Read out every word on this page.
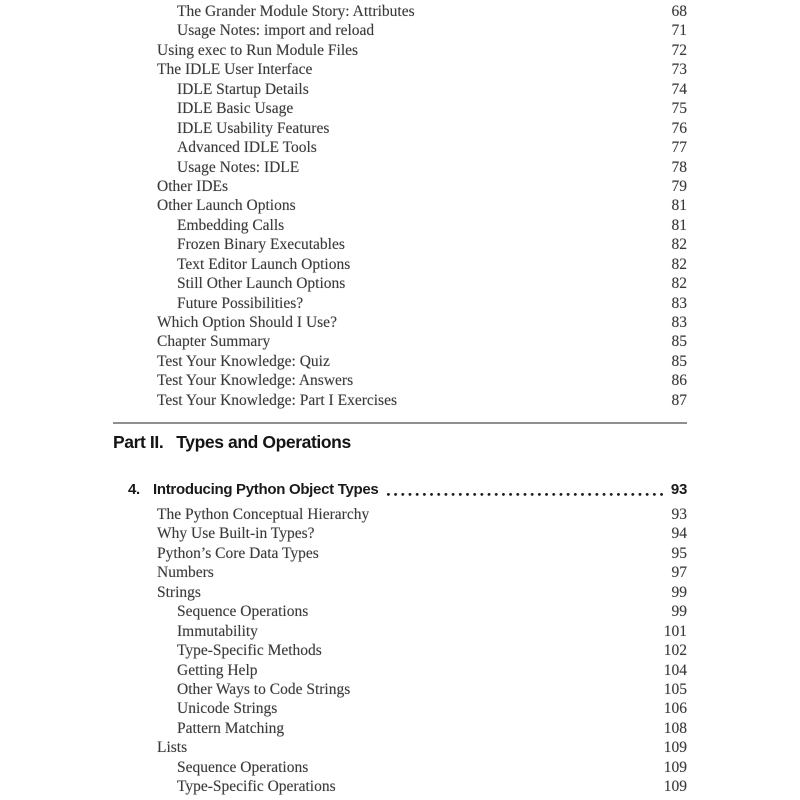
The Grander Module Story: Attributes	68
Usage Notes: import and reload	71
Using exec to Run Module Files	72
The IDLE User Interface	73
IDLE Startup Details	74
IDLE Basic Usage	75
IDLE Usability Features	76
Advanced IDLE Tools	77
Usage Notes: IDLE	78
Other IDEs	79
Other Launch Options	81
Embedding Calls	81
Frozen Binary Executables	82
Text Editor Launch Options	82
Still Other Launch Options	82
Future Possibilities?	83
Which Option Should I Use?	83
Chapter Summary	85
Test Your Knowledge: Quiz	85
Test Your Knowledge: Answers	86
Test Your Knowledge: Part I Exercises	87
Part II. Types and Operations
4. Introducing Python Object Types	93
The Python Conceptual Hierarchy	93
Why Use Built-in Types?	94
Python’s Core Data Types	95
Numbers	97
Strings	99
Sequence Operations	99
Immutability	101
Type-Specific Methods	102
Getting Help	104
Other Ways to Code Strings	105
Unicode Strings	106
Pattern Matching	108
Lists	109
Sequence Operations	109
Type-Specific Operations	109
